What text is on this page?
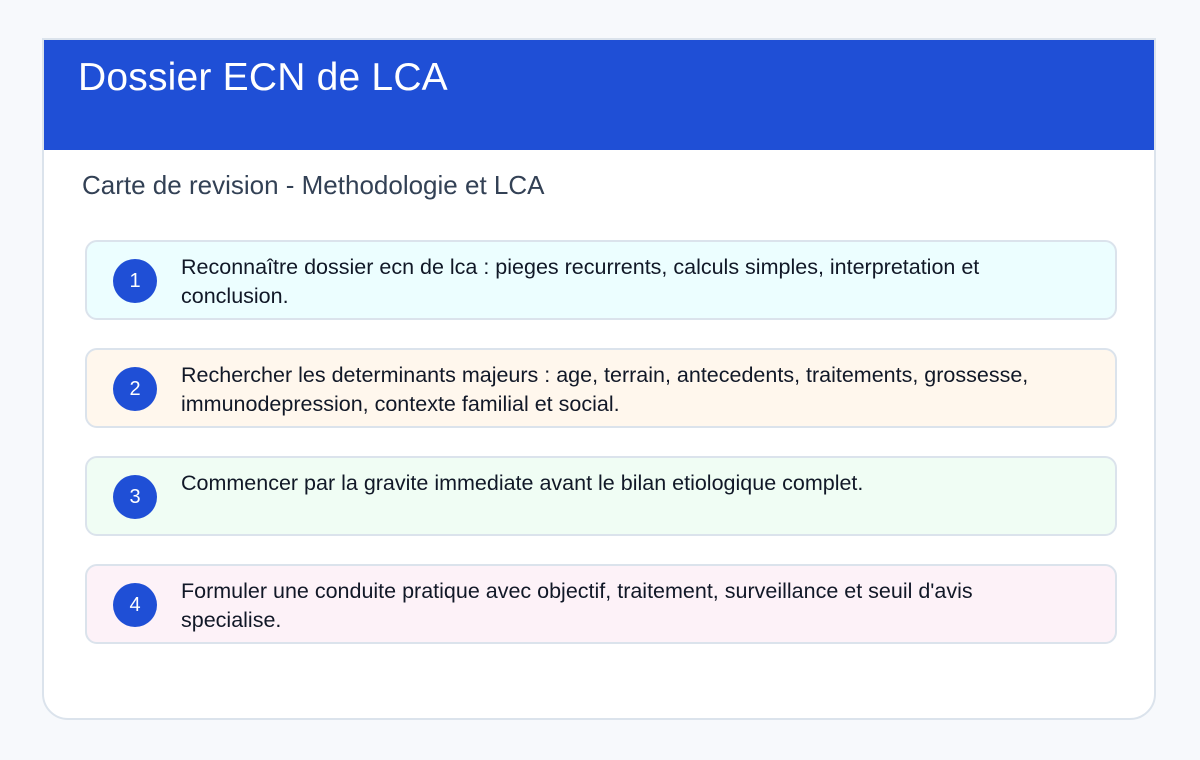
Dossier ECN de LCA

Carte de revision - Methodologie et LCA

1
Reconnaître dossier ecn de lca : pieges recurrents, calculs simples, interpretation et conclusion.
2
Rechercher les determinants majeurs : age, terrain, antecedents, traitements, grossesse, immunodepression, contexte familial et social.
3
Commencer par la gravite immediate avant le bilan etiologique complet.
4
Formuler une conduite pratique avec objectif, traitement, surveillance et seuil d'avis specialise.
